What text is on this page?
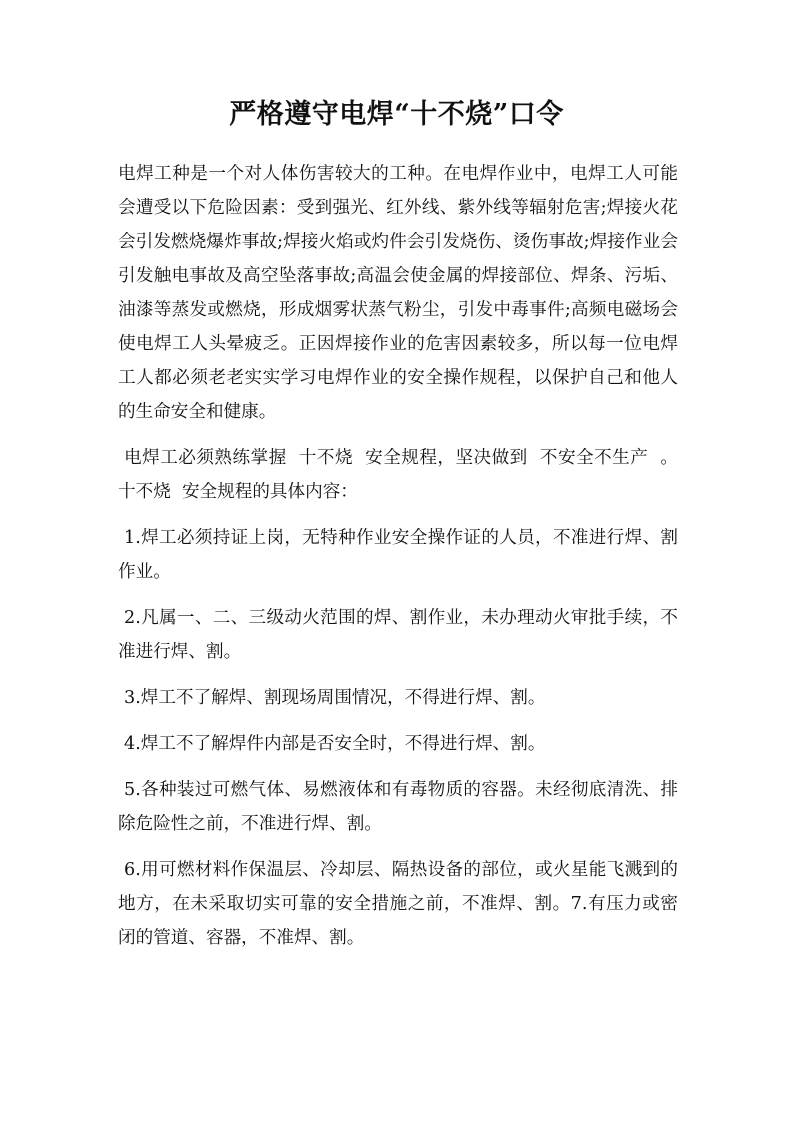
严格遵守电焊“十不烧”口令

电焊工种是一个对人体伤害较大的工种。在电焊作业中，电焊工人可能会遭受以下危险因素：受到强光、红外线、紫外线等辐射危害;焊接火花会引发燃烧爆炸事故;焊接火焰或灼件会引发烧伤、烫伤事故;焊接作业会引发触电事故及高空坠落事故;高温会使金属的焊接部位、焊条、污垢、油漆等蒸发或燃烧，形成烟雾状蒸气粉尘，引发中毒事件;高频电磁场会使电焊工人头晕疲乏。正因焊接作业的危害因素较多，所以每一位电焊工人都必须老老实实学习电焊作业的安全操作规程，以保护自己和他人的生命安全和健康。

电焊工必须熟练掌握  十不烧  安全规程，坚决做到  不安全不生产  。  十不烧  安全规程的具体内容：

1.焊工必须持证上岗，无特种作业安全操作证的人员，不准进行焊、割作业。

2.凡属一、二、三级动火范围的焊、割作业，未办理动火审批手续，不准进行焊、割。

3.焊工不了解焊、割现场周围情况，不得进行焊、割。

4.焊工不了解焊件内部是否安全时，不得进行焊、割。

5.各种装过可燃气体、易燃液体和有毒物质的容器。未经彻底清洗、排除危险性之前，不准进行焊、割。

6.用可燃材料作保温层、冷却层、隔热设备的部位，或火星能飞溅到的地方，在未采取切实可靠的安全措施之前，不准焊、割。7.有压力或密闭的管道、容器，不准焊、割。
